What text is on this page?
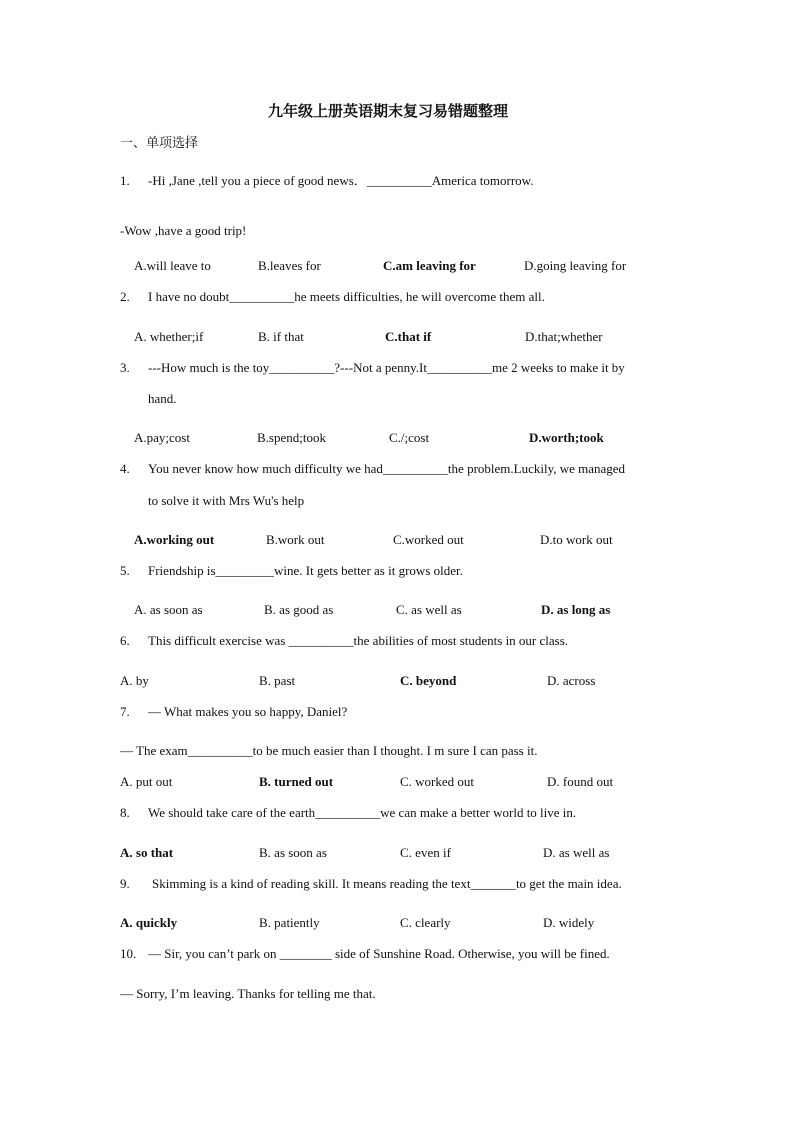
九年级上册英语期末复习易错题整理
一、单项选择
1.	-Hi ,Jane ,tell you a piece of good news．__________America tomorrow.
-Wow ,have a good trip!
A.will leave to	B.leaves for	C.am leaving for	D.going leaving for
2.	I have no doubt__________he meets difficulties, he will overcome them all.
A. whether;if	B. if that	C.that if	D.that;whether
3.	---How much is the toy__________?---Not a penny.It__________me 2 weeks to make it by
hand.
A.pay;cost	B.spend;took	C./;cost	D.worth;took
4.	You never know how much difficulty we had__________the problem.Luckily, we managed
to solve it with Mrs Wu's help
A.working out	B.work out	C.worked out	D.to work out
5.	Friendship is_________wine. It gets better as it grows older.
A. as soon as	B. as good as	C. as well as	D. as long as
6.	This difficult exercise was __________the abilities of most students in our class.
A. by	B. past	C. beyond	D. across
7.	— What makes you so happy, Daniel?
— The exam__________to be much easier than I thought. I m sure I can pass it.
A. put out	B. turned out	C. worked out	D. found out
8.	We should take care of the earth__________we can make a better world to live in.
A. so that	B. as soon as	C. even if	D. as well as
9.	Skimming is a kind of reading skill. It means reading the text_______to get the main idea.
A. quickly	B. patiently	C. clearly	D. widely
10. — Sir, you can’t park on ________ side of Sunshine Road. Otherwise, you will be fined.
— Sorry, I’m leaving. Thanks for telling me that.
